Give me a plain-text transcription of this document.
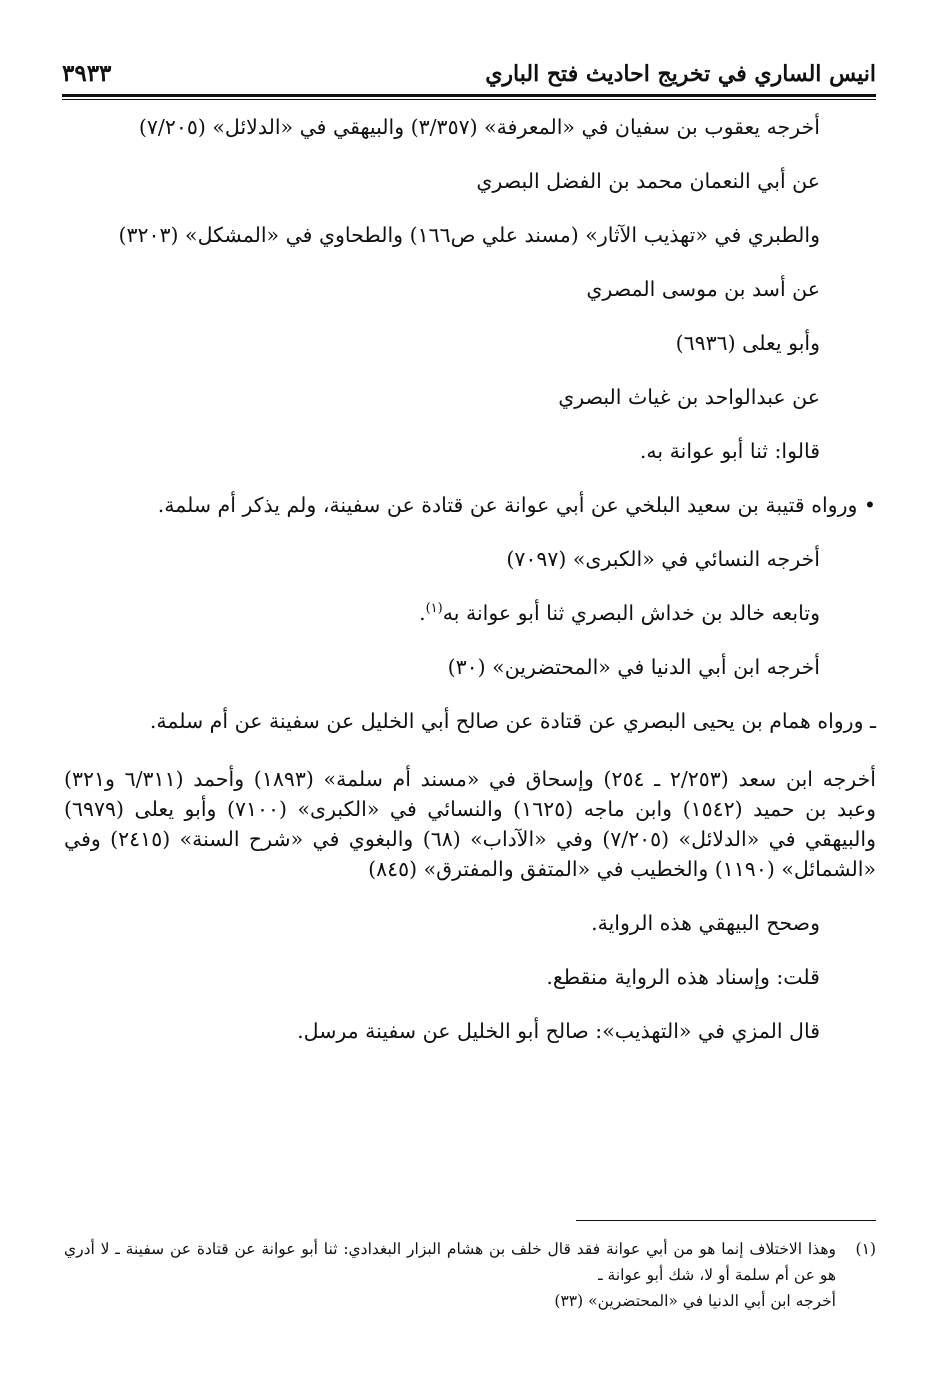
انيس الساري في تخريج احاديث فتح الباري
٣٩٣٣

أخرجه يعقوب بن سفيان في «المعرفة» (٣/٣٥٧) والبيهقي في «الدلائل» (٧/٢٠٥)

عن أبي النعمان محمد بن الفضل البصري

والطبري في «تهذيب الآثار» (مسند علي ص١٦٦) والطحاوي في «المشكل» (٣٢٠٣)

عن أسد بن موسى المصري

وأبو يعلى (٦٩٣٦)

عن عبدالواحد بن غياث البصري

قالوا: ثنا أبو عوانة به.

• ورواه قتيبة بن سعيد البلخي عن أبي عوانة عن قتادة عن سفينة، ولم يذكر أم سلمة.

أخرجه النسائي في «الكبرى» (٧٠٩٧)

وتابعه خالد بن خداش البصري ثنا أبو عوانة به$^{(١)}$.

أخرجه ابن أبي الدنيا في «المحتضرين» (٣٠)

ـ ورواه همام بن يحيى البصري عن قتادة عن صالح أبي الخليل عن سفينة عن أم سلمة.

أخرجه ابن سعد (٢/٢٥٣ ـ ٢٥٤) وإسحاق في «مسند أم سلمة» (١٨٩٣) وأحمد (٦/٣١١ و٣٢١) وعبد بن حميد (١٥٤٢) وابن ماجه (١٦٢٥) والنسائي في «الكبرى» (٧١٠٠) وأبو يعلى (٦٩٧٩) والبيهقي في «الدلائل» (٧/٢٠٥) وفي «الآداب» (٦٨) والبغوي في «شرح السنة» (٢٤١٥) وفي «الشمائل» (١١٩٠) والخطيب في «المتفق والمفترق» (٨٤٥)

وصحح البيهقي هذه الرواية.

قلت: وإسناد هذه الرواية منقطع.

قال المزي في «التهذيب»: صالح أبو الخليل عن سفينة مرسل.

(١)
وهذا الاختلاف إنما هو من أبي عوانة فقد قال خلف بن هشام البزار البغدادي: ثنا أبو عوانة عن قتادة عن سفينة ـ لا أدري هو عن أم سلمة أو لا، شك أبو عوانة ـ
أخرجه ابن أبي الدنيا في «المحتضرين» (٣٣)
